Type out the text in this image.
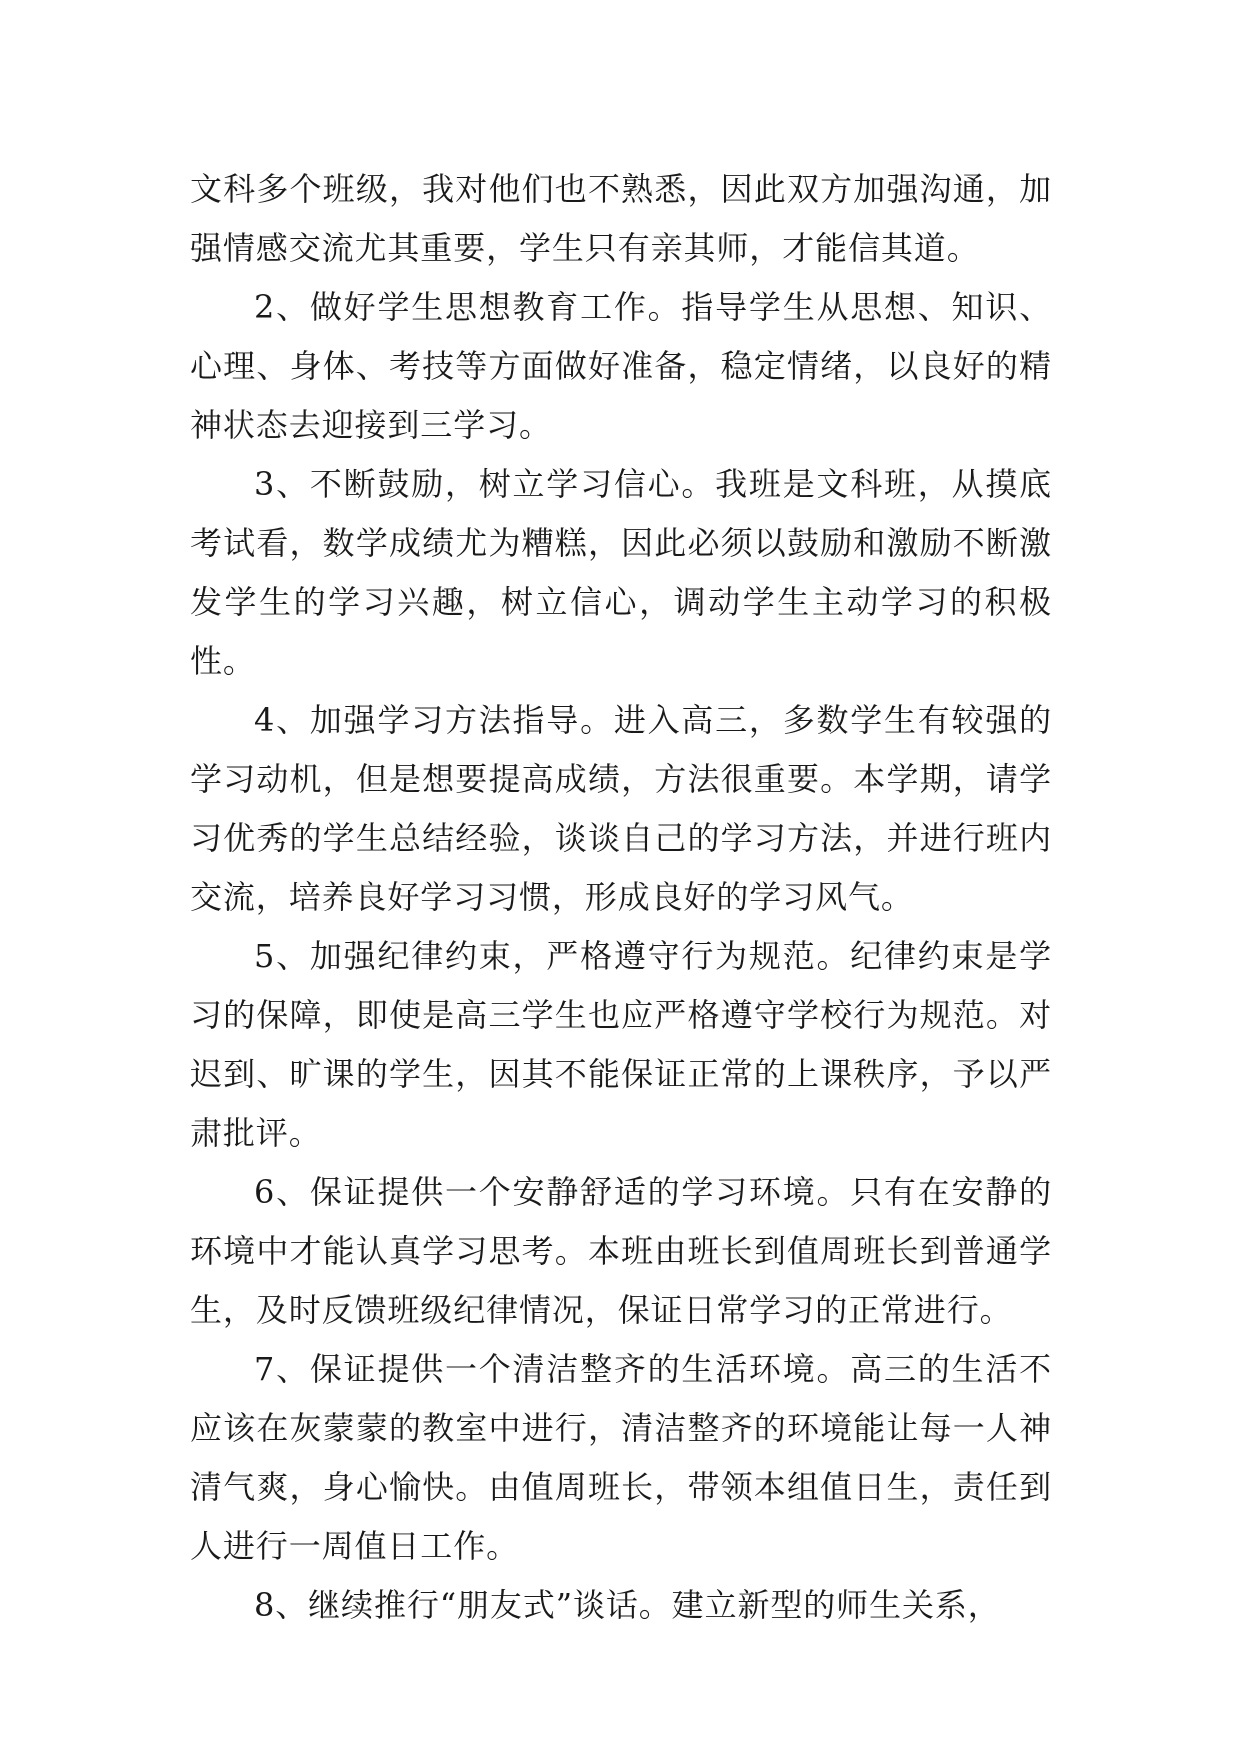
文科多个班级，我对他们也不熟悉，因此双方加强沟通，加强情感交流尤其重要，学生只有亲其师，才能信其道。

2、做好学生思想教育工作。指导学生从思想、知识、心理、身体、考技等方面做好准备，稳定情绪，以良好的精神状态去迎接到三学习。

3、不断鼓励，树立学习信心。我班是文科班，从摸底考试看，数学成绩尤为糟糕，因此必须以鼓励和激励不断激发学生的学习兴趣，树立信心，调动学生主动学习的积极性。

4、加强学习方法指导。进入高三，多数学生有较强的学习动机，但是想要提高成绩，方法很重要。本学期，请学习优秀的学生总结经验，谈谈自己的学习方法，并进行班内交流，培养良好学习习惯，形成良好的学习风气。

5、加强纪律约束，严格遵守行为规范。纪律约束是学习的保障，即使是高三学生也应严格遵守学校行为规范。对迟到、旷课的学生，因其不能保证正常的上课秩序，予以严肃批评。

6、保证提供一个安静舒适的学习环境。只有在安静的环境中才能认真学习思考。本班由班长到值周班长到普通学生，及时反馈班级纪律情况，保证日常学习的正常进行。

7、保证提供一个清洁整齐的生活环境。高三的生活不应该在灰蒙蒙的教室中进行，清洁整齐的环境能让每一人神清气爽，身心愉快。由值周班长，带领本组值日生，责任到人进行一周值日工作。

8、继续推行“朋友式”谈话。建立新型的师生关系，
